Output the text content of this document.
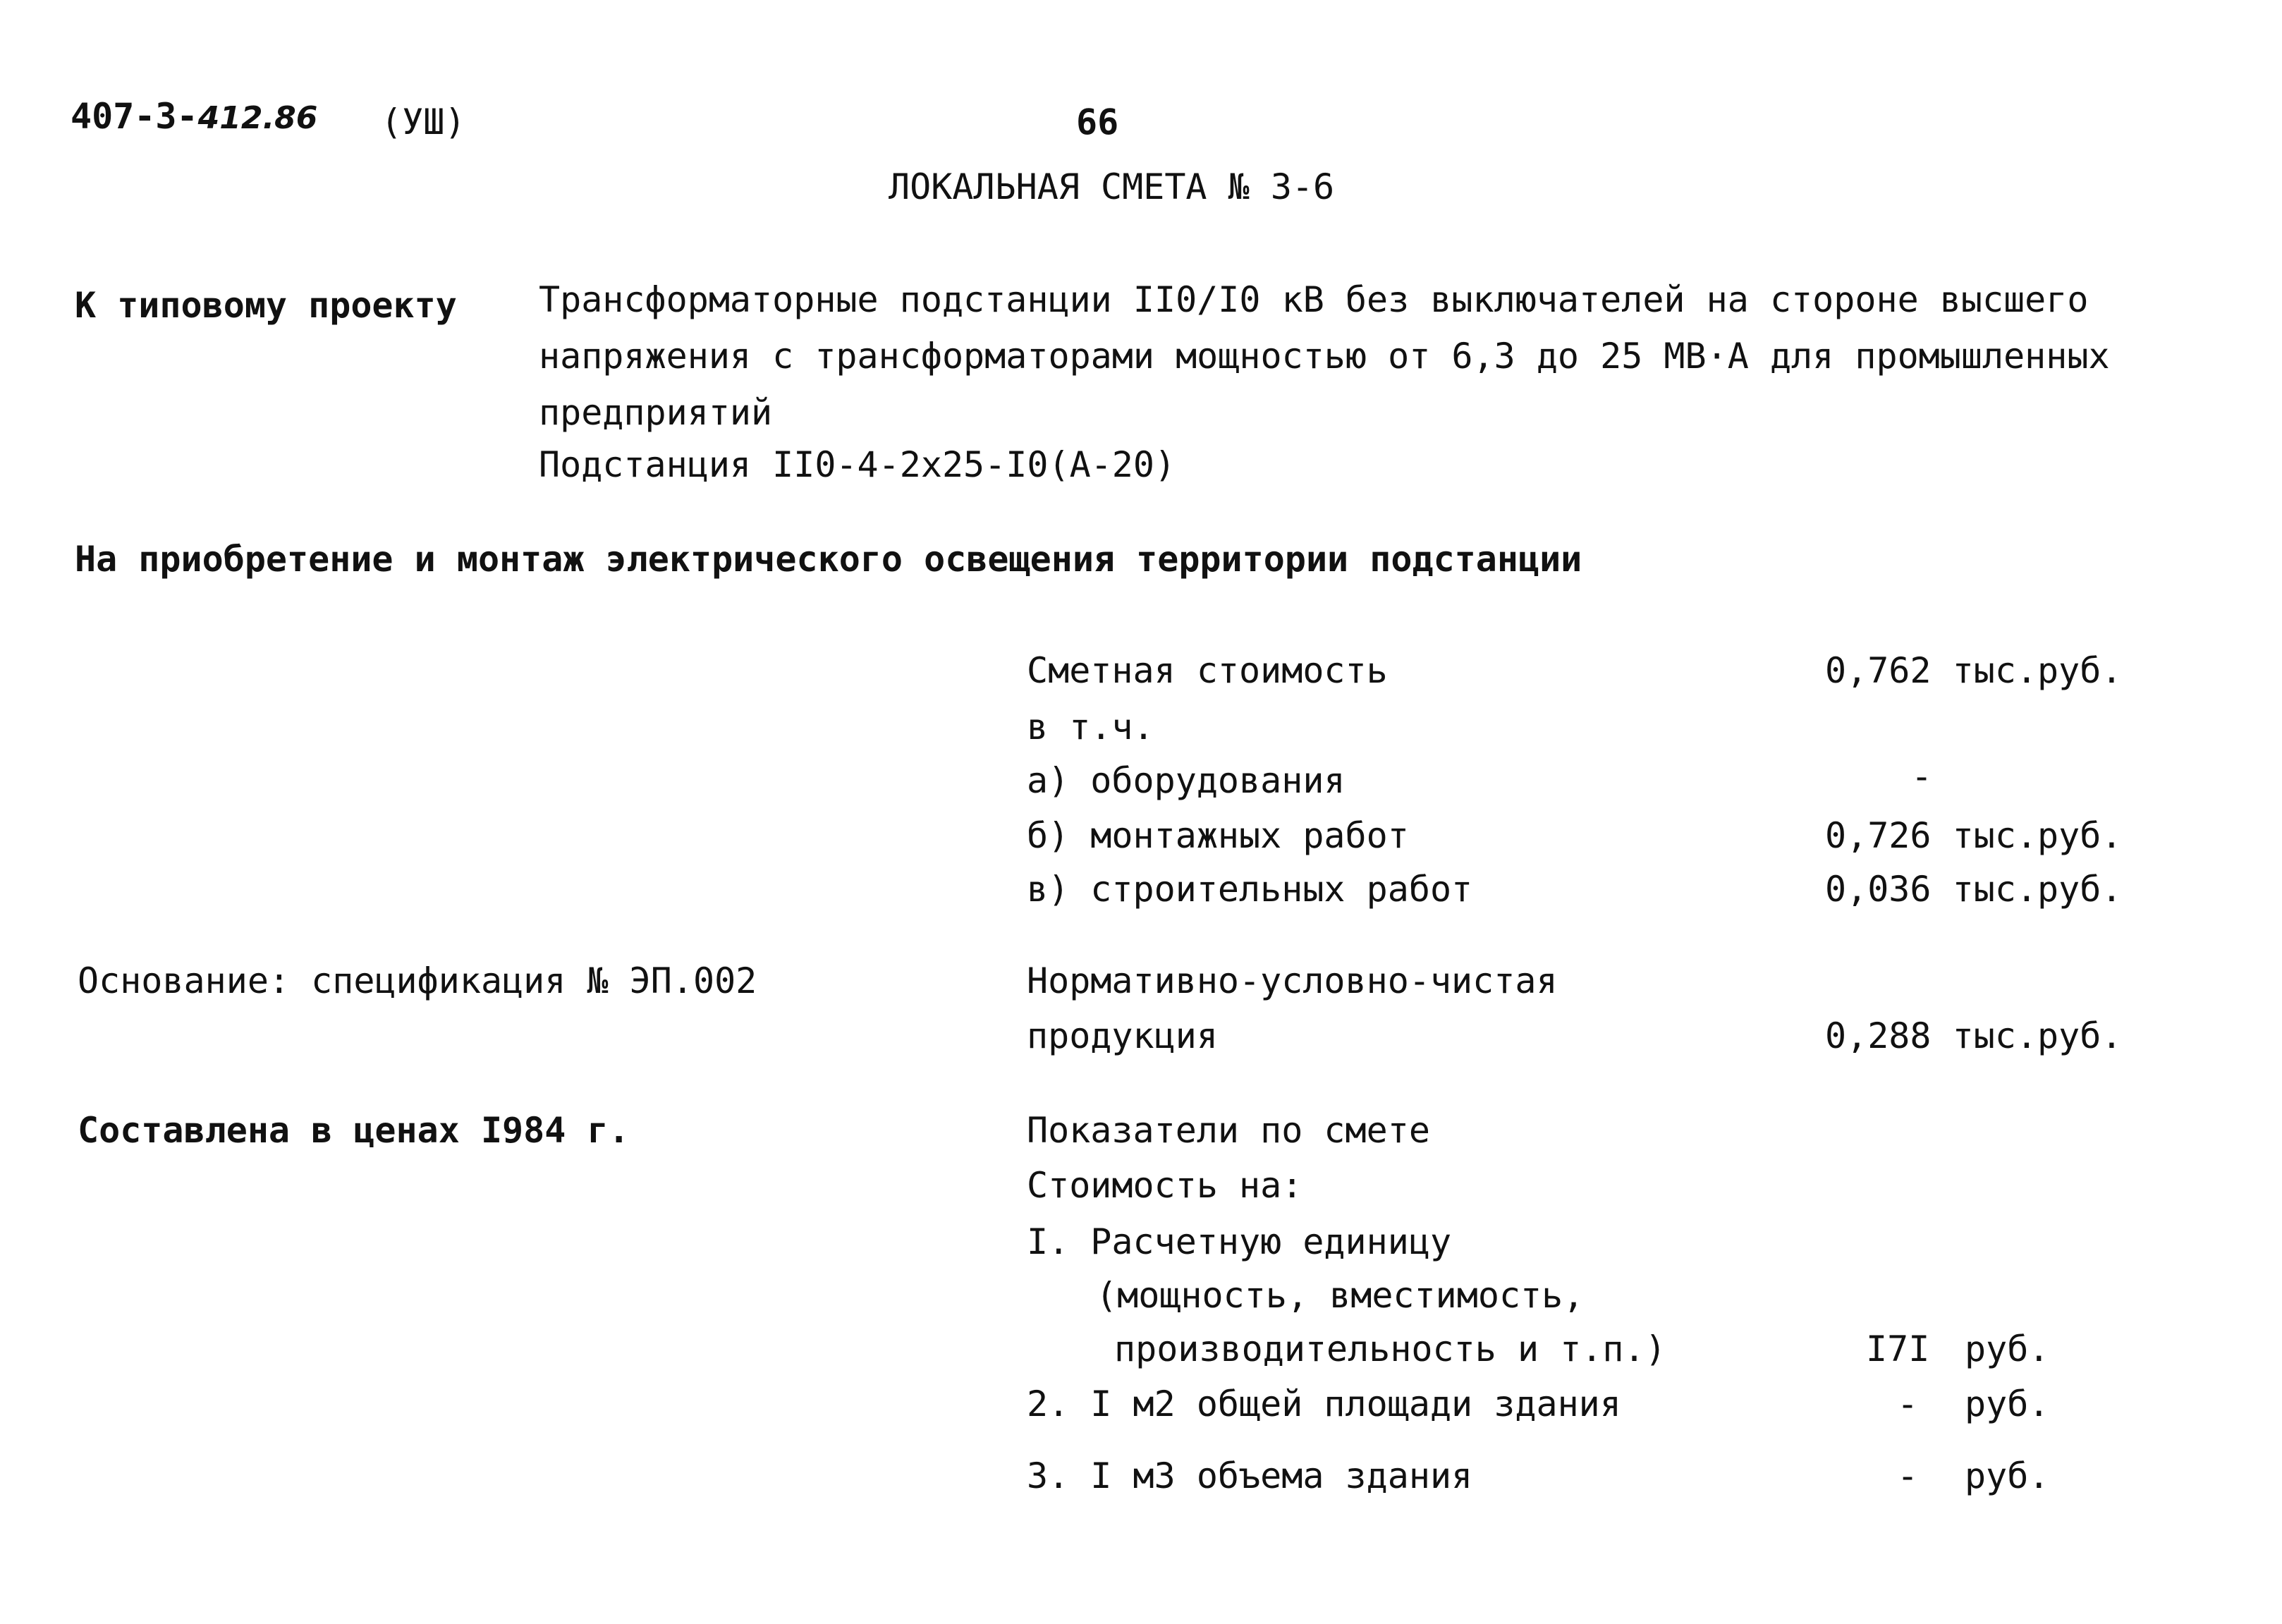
407-3-412.86 (УШ)	66
ЛОКАЛЬНАЯ СМЕТА № 3-6
К типовому проекту Трансформаторные подстанции II0/I0 кВ без выключателей на стороне высшего
напряжения с трансформаторами мощностью от 6,3 до 25 МВ·А для промышленных
предприятий
Подстанция II0-4-2х25-I0(А-20)
На приобретение и монтаж электрического освещения территории подстанции
Сметная стоимость	0,762 тыс.руб.
в т.ч.
а) оборудования	-
б) монтажных работ	0,726 тыс.руб.
в) строительных работ	0,036 тыс.руб.
Основание: спецификация № ЭП.002	Нормативно-условно-чистая
продукция	0,288 тыс.руб.
Составлена в ценах I984 г.	Показатели по смете
Стоимость на:
I. Расчетную единицу
(мощность, вместимость,
производительность и т.п.)	I7I руб.
2. I м2 общей площади здания	- руб.
3. I м3 объема здания	- руб.
